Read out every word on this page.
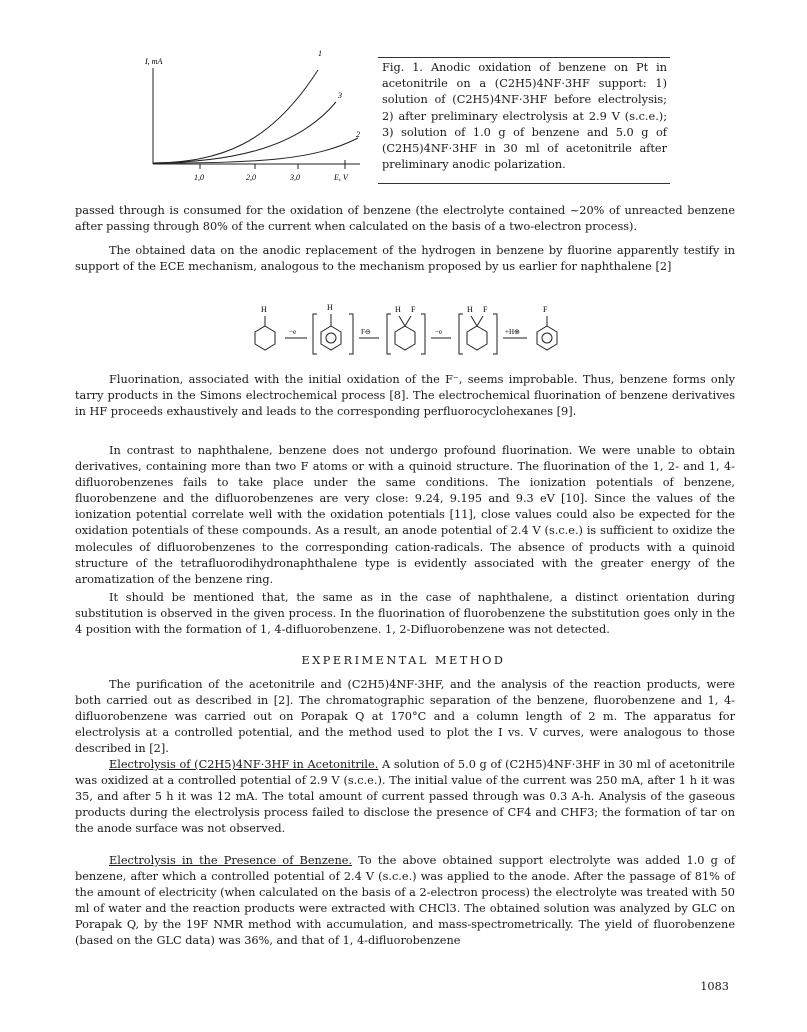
I, mA
1
3
2
1,0	2,0	3,0	E, V
Fig. 1. Anodic oxidation of benzene on Pt in acetonitrile on a (C2H5)4NF·3HF support: 1) solution of (C2H5)4NF·3HF before electrolysis; 2) after preliminary electrolysis at 2.9 V (s.c.e.); 3) solution of 1.0 g of benzene and 5.0 g of (C2H5)4NF·3HF in 30 ml of acetonitrile after preliminary anodic polarization.

passed through is consumed for the oxidation of benzene (the electrolyte contained ~20% of unreacted benzene after passing through 80% of the current when calculated on the basis of a two-electron process).

The obtained data on the anodic replacement of the hydrogen in benzene by fluorine apparently testify in support of the ECE mechanism, analogous to the mechanism proposed by us earlier for naphthalene [2]

H
−e
H
F⊖
H F
−e
H F
+H⊕
F

Fluorination, associated with the initial oxidation of the F⁻, seems improbable. Thus, benzene forms only tarry products in the Simons electrochemical process [8]. The electrochemical fluorination of benzene derivatives in HF proceeds exhaustively and leads to the corresponding perfluorocyclohexanes [9].

In contrast to naphthalene, benzene does not undergo profound fluorination. We were unable to obtain derivatives, containing more than two F atoms or with a quinoid structure. The fluorination of the 1, 2- and 1, 4-difluorobenzenes fails to take place under the same conditions. The ionization potentials of benzene, fluorobenzene and the difluorobenzenes are very close: 9.24, 9.195 and 9.3 eV [10]. Since the values of the ionization potential correlate well with the oxidation potentials [11], close values could also be expected for the oxidation potentials of these compounds. As a result, an anode potential of 2.4 V (s.c.e.) is sufficient to oxidize the molecules of difluorobenzenes to the corresponding cation-radicals. The absence of products with a quinoid structure of the tetrafluorodihydronaphthalene type is evidently associated with the greater energy of the aromatization of the benzene ring.

It should be mentioned that, the same as in the case of naphthalene, a distinct orientation during substitution is observed in the given process. In the fluorination of fluorobenzene the substitution goes only in the 4 position with the formation of 1, 4-difluorobenzene. 1, 2-Difluorobenzene was not detected.

EXPERIMENTAL METHOD

The purification of the acetonitrile and (C2H5)4NF·3HF, and the analysis of the reaction products, were both carried out as described in [2]. The chromatographic separation of the benzene, fluorobenzene and 1, 4-difluorobenzene was carried out on Porapak Q at 170°C and a column length of 2 m. The apparatus for electrolysis at a controlled potential, and the method used to plot the I vs. V curves, were analogous to those described in [2].

Electrolysis of (C2H5)4NF·3HF in Acetonitrile. A solution of 5.0 g of (C2H5)4NF·3HF in 30 ml of acetonitrile was oxidized at a controlled potential of 2.9 V (s.c.e.). The initial value of the current was 250 mA, after 1 h it was 35, and after 5 h it was 12 mA. The total amount of current passed through was 0.3 A-h. Analysis of the gaseous products during the electrolysis process failed to disclose the presence of CF4 and CHF3; the formation of tar on the anode surface was not observed.

Electrolysis in the Presence of Benzene. To the above obtained support electrolyte was added 1.0 g of benzene, after which a controlled potential of 2.4 V (s.c.e.) was applied to the anode. After the passage of 81% of the amount of electricity (when calculated on the basis of a 2-electron process) the electrolyte was treated with 50 ml of water and the reaction products were extracted with CHCl3. The obtained solution was analyzed by GLC on Porapak Q, by the 19F NMR method with accumulation, and mass-spectrometrically. The yield of fluorobenzene (based on the GLC data) was 36%, and that of 1, 4-difluorobenzene

1083
